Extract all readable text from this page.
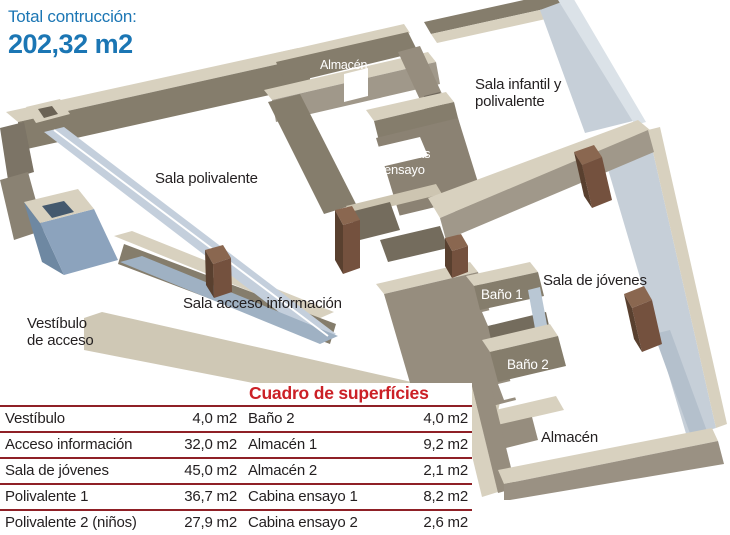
Total contrucción:
202,32 m2
Almacén
Sala infantil y
polivalente
Sala polivalente
Cabinas
ensayo
Sala acceso información
Vestíbulo
de acceso
Baño 1
Sala de jóvenes
Baño 2
Almacén
Cuadro de superfícies
Vestíbulo	4,0 m2 Baño 2	4,0 m2
Acceso información	32,0 m2 Almacén 1	9,2 m2
Sala de jóvenes	45,0 m2 Almacén 2	2,1 m2
Polivalente 1	36,7 m2 Cabina ensayo 1	8,2 m2
Polivalente 2 (niños)	27,9 m2 Cabina ensayo 2	2,6 m2
